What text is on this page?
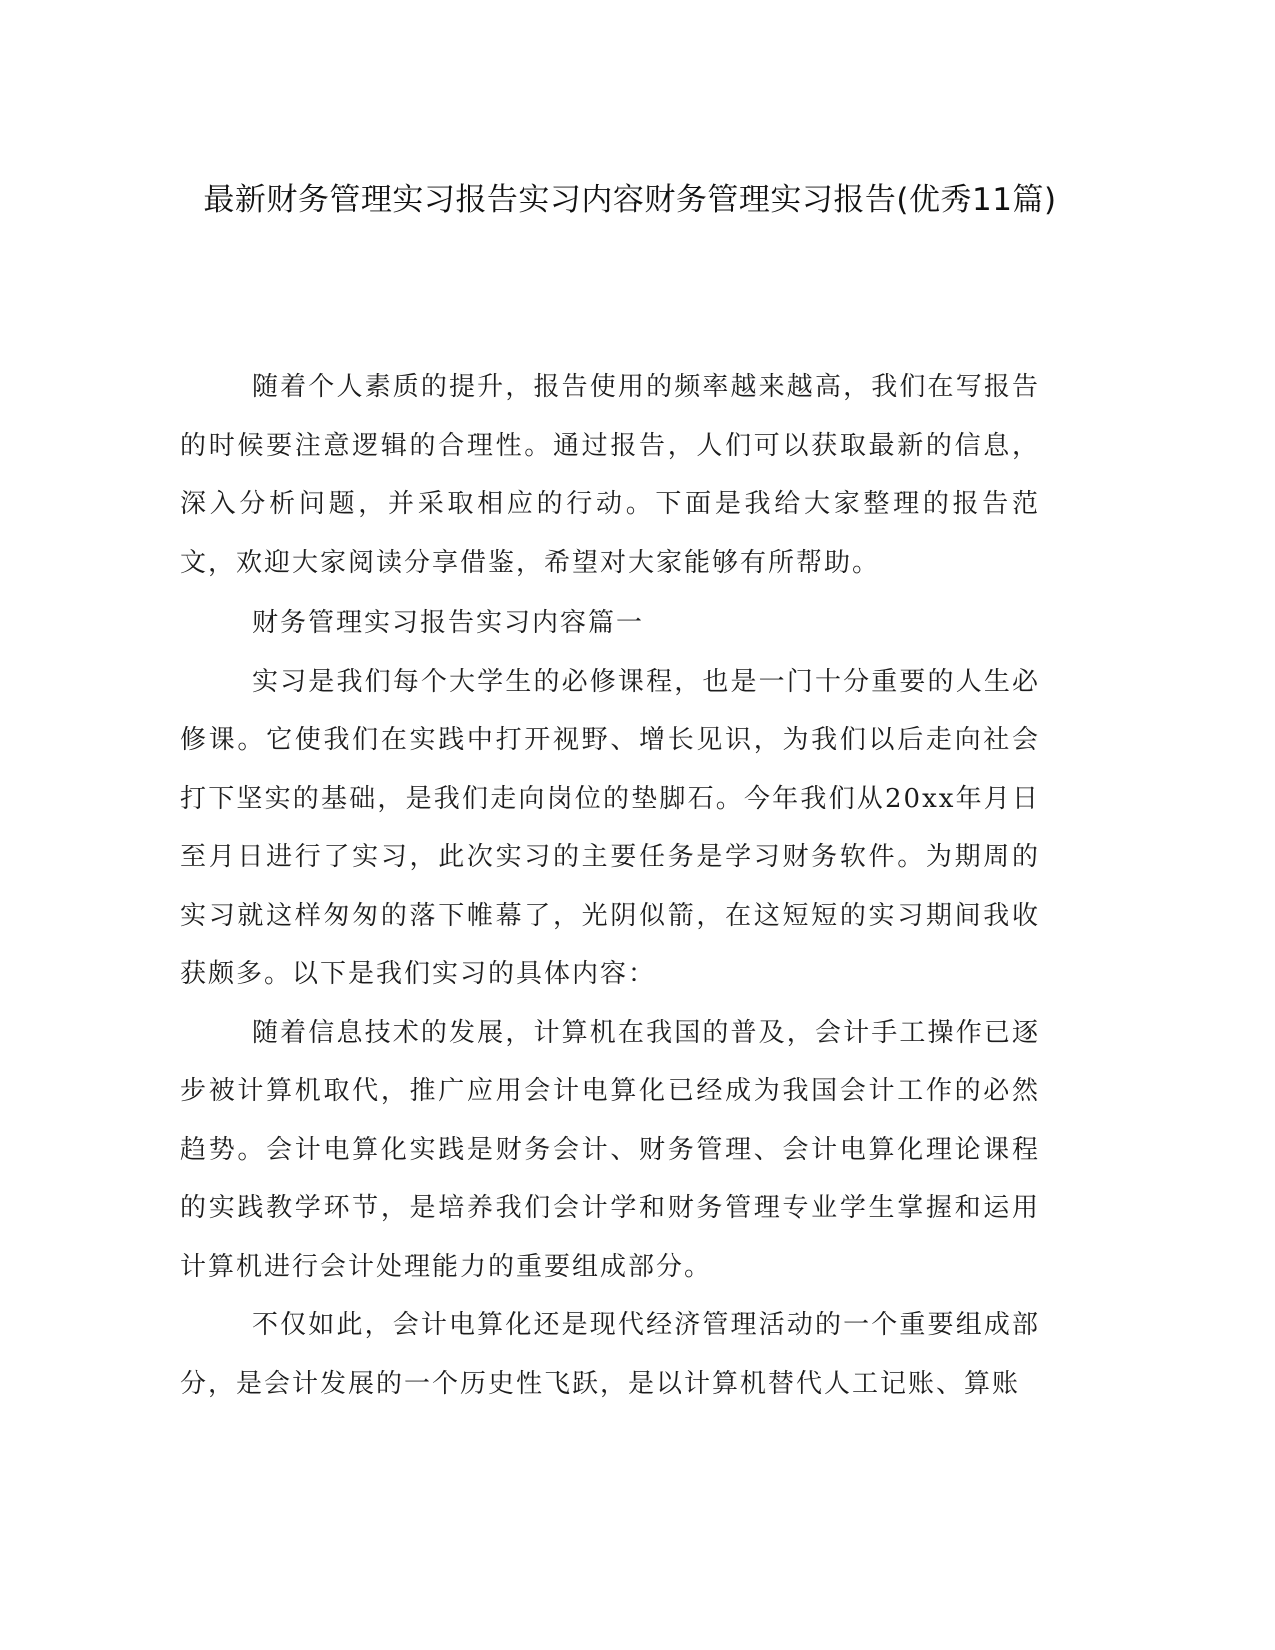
最新财务管理实习报告实习内容财务管理实习报告(优秀11篇)

随着个人素质的提升，报告使用的频率越来越高，我们在写报告的时候要注意逻辑的合理性。通过报告，人们可以获取最新的信息，深入分析问题，并采取相应的行动。下面是我给大家整理的报告范文，欢迎大家阅读分享借鉴，希望对大家能够有所帮助。

财务管理实习报告实习内容篇一

实习是我们每个大学生的必修课程，也是一门十分重要的人生必修课。它使我们在实践中打开视野、增长见识，为我们以后走向社会打下坚实的基础，是我们走向岗位的垫脚石。今年我们从20xx年月日至月日进行了实习，此次实习的主要任务是学习财务软件。为期周的实习就这样匆匆的落下帷幕了，光阴似箭，在这短短的实习期间我收获颇多。以下是我们实习的具体内容：

随着信息技术的发展，计算机在我国的普及，会计手工操作已逐步被计算机取代，推广应用会计电算化已经成为我国会计工作的必然趋势。会计电算化实践是财务会计、财务管理、会计电算化理论课程的实践教学环节，是培养我们会计学和财务管理专业学生掌握和运用计算机进行会计处理能力的重要组成部分。

不仅如此，会计电算化还是现代经济管理活动的一个重要组成部分，是会计发展的一个历史性飞跃，是以计算机替代人工记账、算账
